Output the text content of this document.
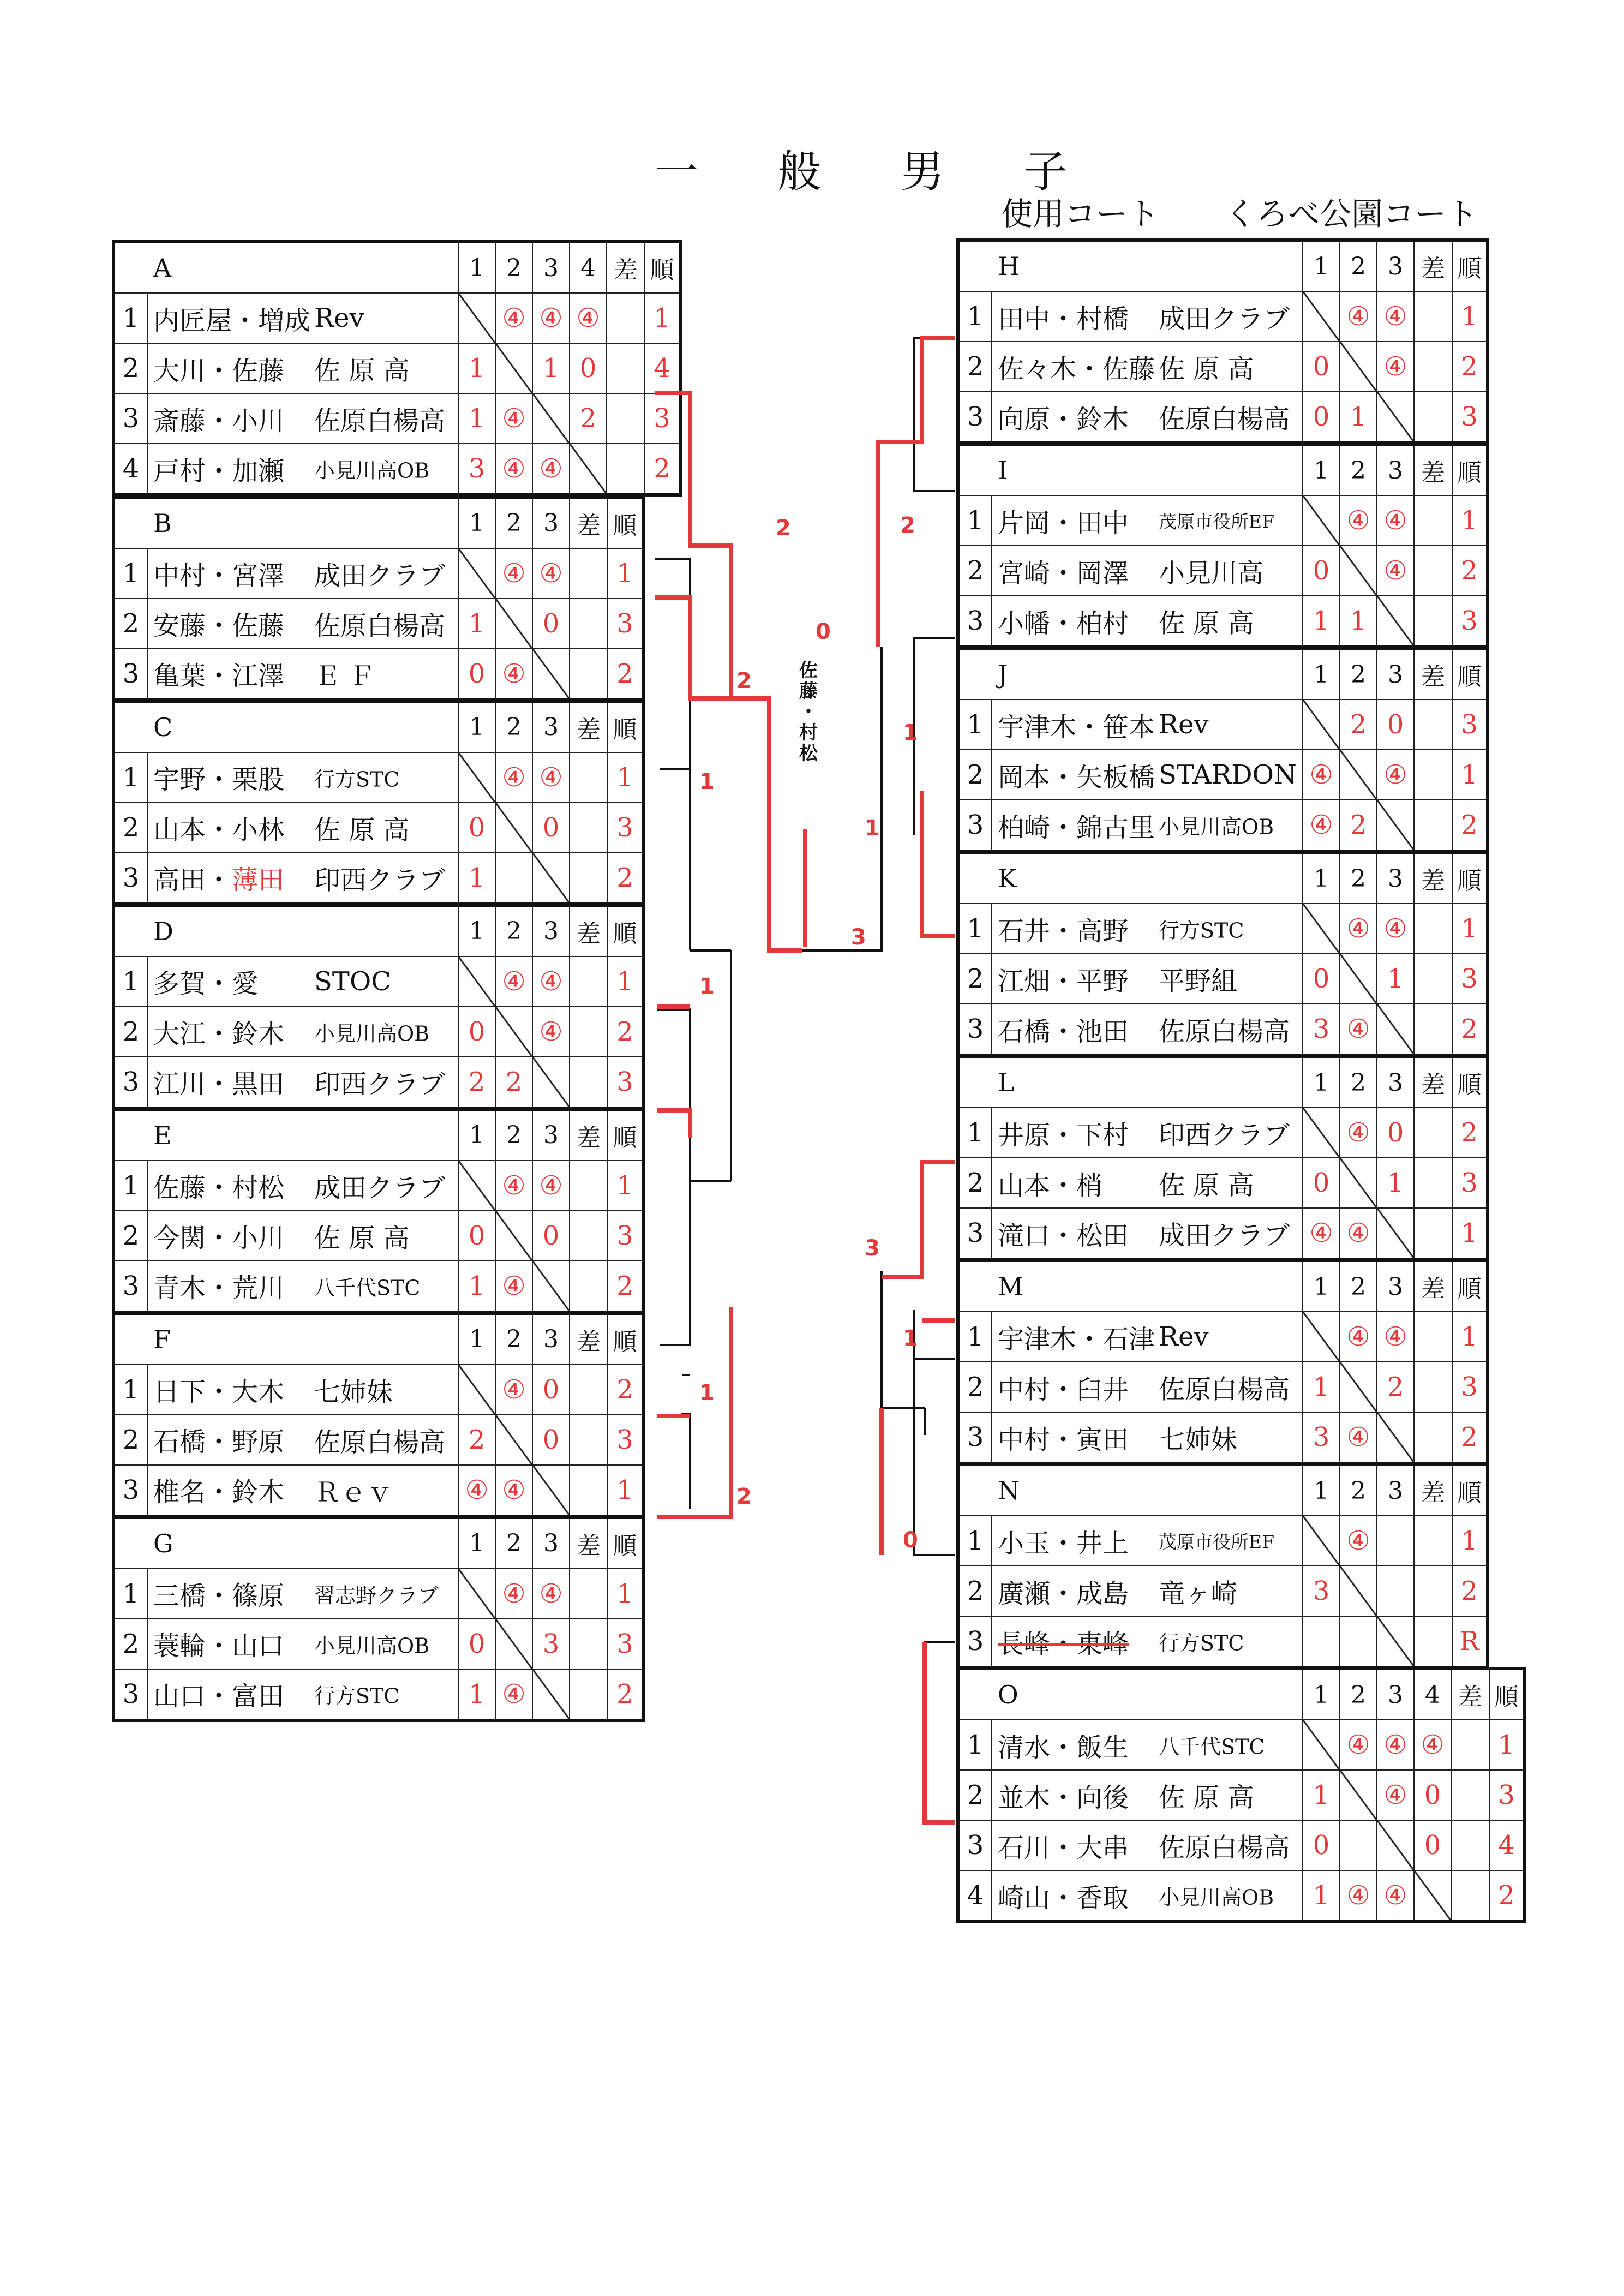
一 般 男 子
使用コート くろべ公園コート
A		1	2	3	4	差	順
1	内匠屋・増成 Rev		④	④	④		1
2	大川・佐藤 佐 原 高	1		1	0		4
3	斎藤・小川 佐原白楊高	1	④		2		3
4	戸村・加瀬 小見川高OB	3	④	④			2
B		1	2	3	差	順
1	中村・宮澤 成田クラブ		④	④		1
2	安藤・佐藤 佐原白楊高	1		0		3
3	亀葉・江澤 Ｅ Ｆ	0	④			2
C		1	2	3	差	順
1	宇野・栗股 行方STC		④	④		1
2	山本・小林 佐 原 高	0		0		3
3	高田・薄田 印西クラブ	1				2
D		1	2	3	差	順
1	多賀・愛 STOC		④	④		1
2	大江・鈴木 小見川高OB	0		④		2
3	江川・黒田 印西クラブ	2	2			3
E		1	2	3	差	順
1	佐藤・村松 成田クラブ		④	④		1
2	今関・小川 佐 原 高	0		0		3
3	青木・荒川 八千代STC	1	④			2
F		1	2	3	差	順
1	日下・大木 七姉妹		④	0		2
2	石橋・野原 佐原白楊高	2		0		3
3	椎名・鈴木 Ｒｅｖ	④	④			1
G		1	2	3	差	順
1	三橋・篠原 習志野クラブ		④	④		1
2	蓑輪・山口 小見川高OB	0		3		3
3	山口・富田 行方STC	1	④			2
H		1	2	3	差	順
1	田中・村橋 成田クラブ		④	④		1
2	佐々木・佐藤 佐 原 高	0		④		2
3	向原・鈴木 佐原白楊高	0	1			3
I		1	2	3	差	順
1	片岡・田中 茂原市役所EF		④	④		1
2	宮崎・岡澤 小見川高	0		④		2
3	小幡・柏村 佐 原 高	1	1			3
J		1	2	3	差	順
1	宇津木・笹本 Rev		2	0		3
2	岡本・矢板橋 STARDON	④		④		1
3	柏崎・錦古里 小見川高OB	④	2			2
K		1	2	3	差	順
1	石井・高野 行方STC		④	④		1
2	江畑・平野 平野組	0		1		3
3	石橋・池田 佐原白楊高	3	④			2
L		1	2	3	差	順
1	井原・下村 印西クラブ		④	0		2
2	山本・梢 佐 原 高	0		1		3
3	滝口・松田 成田クラブ	④	④			1
M		1	2	3	差	順
1	宇津木・石津 Rev		④	④		1
2	中村・臼井 佐原白楊高	1		2		3
3	中村・寅田 七姉妹	3	④			2
N		1	2	3	差	順
1	小玉・井上 茂原市役所EF		④			1
2	廣瀬・成島 竜ヶ崎	3				2
3	長峰・東峰 行方STC					R
O		1	2	3	4	差	順
1	清水・飯生 八千代STC		④	④	④		1
2	並木・向後 佐 原 高	1		④	0		3
3	石川・大串 佐原白楊高	0			0		4
4	崎山・香取 小見川高OB	1	④	④			2
佐
藤
・
村
松
2
2
1
1
1
2
3
0
2
1
1
3
1
0
